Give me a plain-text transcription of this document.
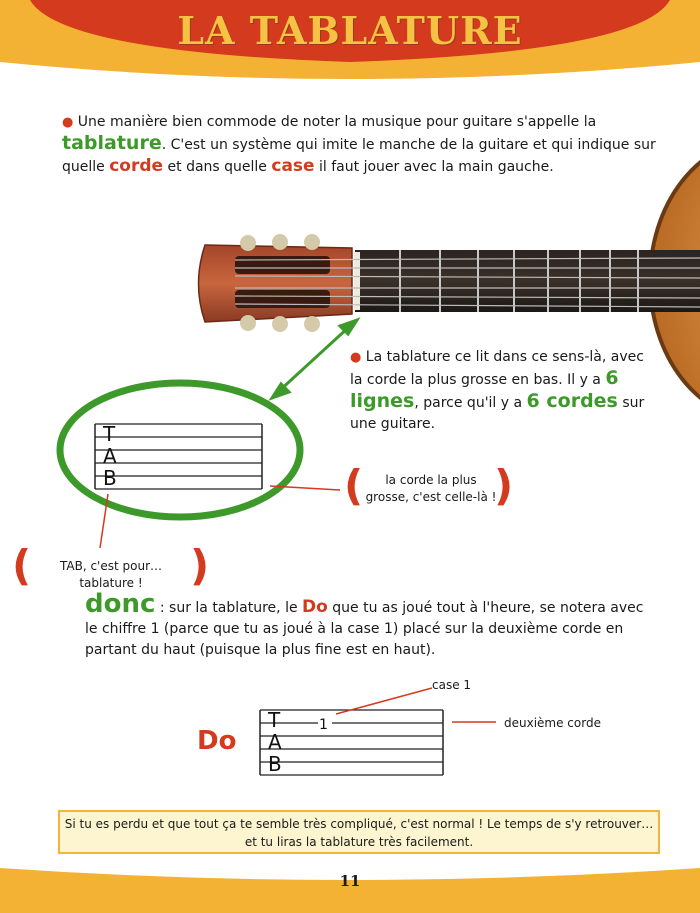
LA TABLATURE
● Une manière bien commode de noter la musique pour guitare s'appelle la tablature. C'est un système qui imite le manche de la guitare et qui indique sur quelle corde et dans quelle case il faut jouer avec la main gauche.
T
A
B
T
A
B
1
● La tablature ce lit dans ce sens-là, avec la corde la plus grosse en bas. Il y a 6 lignes, parce qu'il y a 6 cordes sur une guitare.
(	la corde la plus grosse, c'est celle-là !
)
(	TAB, c'est pour… tablature !	)
donc : sur la tablature, le Do que tu as joué tout à l'heure, se notera avec le chiffre 1 (parce que tu as joué à la case 1) placé sur la deuxième corde en partant du haut (puisque la plus fine est en haut).
case 1
deuxième corde
Do
Si tu es perdu et que tout ça te semble très compliqué, c'est normal ! Le temps de s'y retrouver…
et tu liras la tablature très facilement.
11
